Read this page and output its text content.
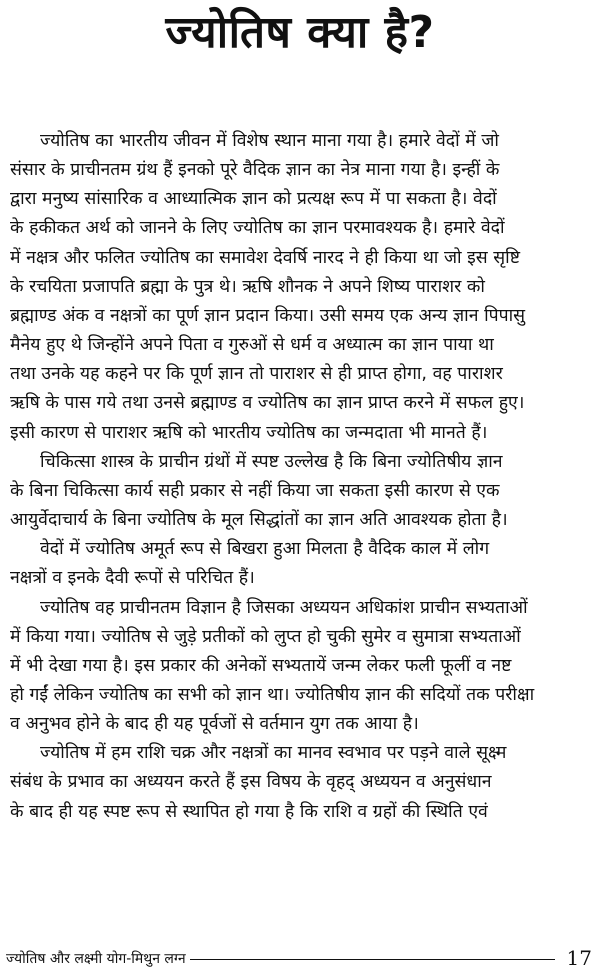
ज्योतिष क्या है?

ज्योतिष का भारतीय जीवन में विशेष स्थान माना गया है। हमारे वेदों में जो
संसार के प्राचीनतम ग्रंथ हैं इनको पूरे वैदिक ज्ञान का नेत्र माना गया है। इन्हीं के
द्वारा मनुष्य सांसारिक व आध्यात्मिक ज्ञान को प्रत्यक्ष रूप में पा सकता है। वेदों
के हकीकत अर्थ को जानने के लिए ज्योतिष का ज्ञान परमावश्यक है। हमारे वेदों
में नक्षत्र और फलित ज्योतिष का समावेश देवर्षि नारद ने ही किया था जो इस सृष्टि
के रचयिता प्रजापति ब्रह्मा के पुत्र थे। ऋषि शौनक ने अपने शिष्य पाराशर को
ब्रह्माण्ड अंक व नक्षत्रों का पूर्ण ज्ञान प्रदान किया। उसी समय एक अन्य ज्ञान पिपासु
मैनेय हुए थे जिन्होंने अपने पिता व गुरुओं से धर्म व अध्यात्म का ज्ञान पाया था
तथा उनके यह कहने पर कि पूर्ण ज्ञान तो पाराशर से ही प्राप्त होगा, वह पाराशर
ऋषि के पास गये तथा उनसे ब्रह्माण्ड व ज्योतिष का ज्ञान प्राप्त करने में सफल हुए।
इसी कारण से पाराशर ऋषि को भारतीय ज्योतिष का जन्मदाता भी मानते हैं।

चिकित्सा शास्त्र के प्राचीन ग्रंथों में स्पष्ट उल्लेख है कि बिना ज्योतिषीय ज्ञान
के बिना चिकित्सा कार्य सही प्रकार से नहीं किया जा सकता इसी कारण से एक
आयुर्वेदाचार्य के बिना ज्योतिष के मूल सिद्धांतों का ज्ञान अति आवश्यक होता है।

वेदों में ज्योतिष अमूर्त रूप से बिखरा हुआ मिलता है वैदिक काल में लोग
नक्षत्रों व इनके दैवी रूपों से परिचित हैं।

ज्योतिष वह प्राचीनतम विज्ञान है जिसका अध्ययन अधिकांश प्राचीन सभ्यताओं
में किया गया। ज्योतिष से जुड़े प्रतीकों को लुप्त हो चुकी सुमेर व सुमात्रा सभ्यताओं
में भी देखा गया है। इस प्रकार की अनेकों सभ्यतायें जन्म लेकर फली फूलीं व नष्ट
हो गईं लेकिन ज्योतिष का सभी को ज्ञान था। ज्योतिषीय ज्ञान की सदियों तक परीक्षा
व अनुभव होने के बाद ही यह पूर्वजों से वर्तमान युग तक आया है।

ज्योतिष में हम राशि चक्र और नक्षत्रों का मानव स्वभाव पर पड़ने वाले सूक्ष्म
संबंध के प्रभाव का अध्ययन करते हैं इस विषय के वृहद् अध्ययन व अनुसंधान
के बाद ही यह स्पष्ट रूप से स्थापित हो गया है कि राशि व ग्रहों की स्थिति एवं

ज्योतिष और लक्ष्मी योग-मिथुन लग्न	17
